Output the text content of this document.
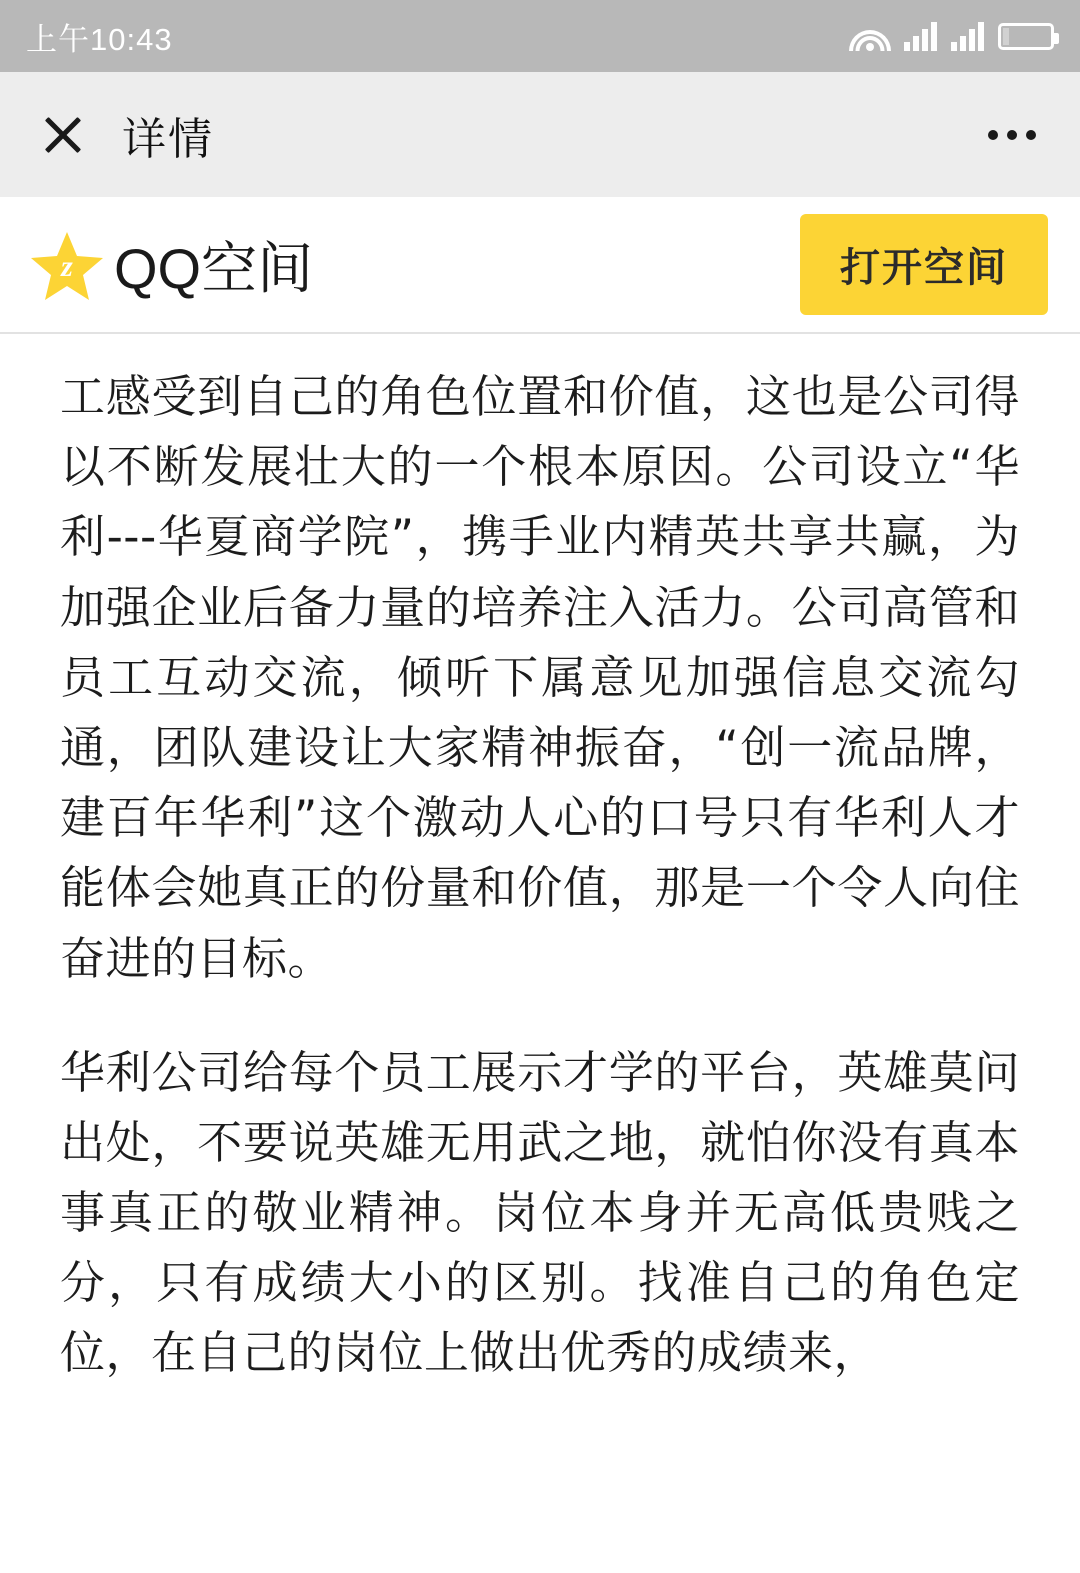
上午10:43
详情
z QQ空间	打开空间

工感受到自己的角色位置和价值，这也是公司得以不断发展壮大的一个根本原因。公司设立“华利---华夏商学院”，携手业内精英共享共赢，为加强企业后备力量的培养注入活力。公司高管和员工互动交流，倾听下属意见加强信息交流勾通，团队建设让大家精神振奋，“创一流品牌，建百年华利”这个激动人心的口号只有华利人才能体会她真正的份量和价值，那是一个令人向住奋进的目标。

华利公司给每个员工展示才学的平台，英雄莫问出处，不要说英雄无用武之地，就怕你没有真本事真正的敬业精神。岗位本身并无高低贵贱之分，只有成绩大小的区别。找准自己的角色定位，在自己的岗位上做出优秀的成绩来，
